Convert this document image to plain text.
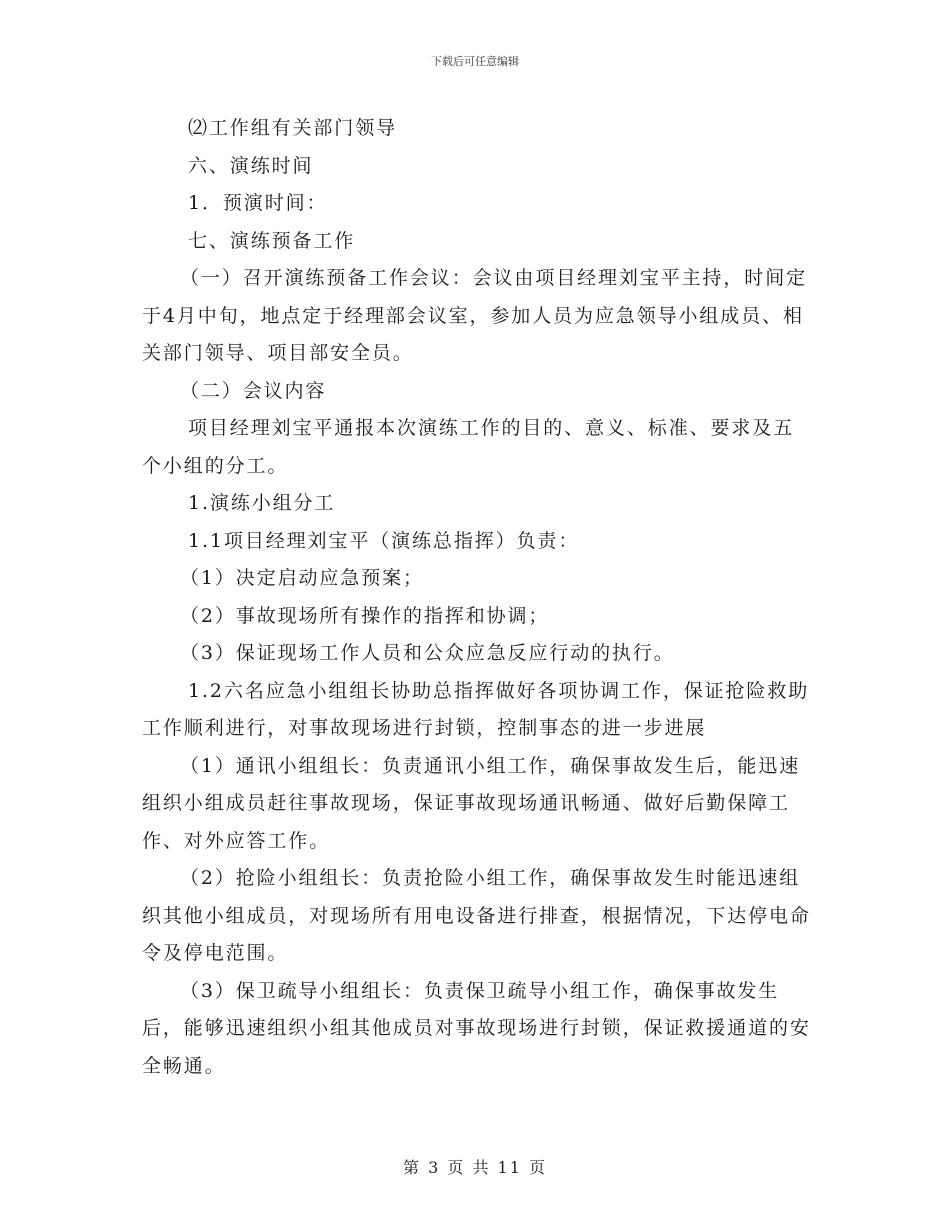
下载后可任意编辑

⑵工作组有关部门领导

六、演练时间

1．预演时间：

七、演练预备工作

（一）召开演练预备工作会议：会议由项目经理刘宝平主持，时间定于4月中旬，地点定于经理部会议室，参加人员为应急领导小组成员、相关部门领导、项目部安全员。

（二）会议内容

项目经理刘宝平通报本次演练工作的目的、意义、标准、要求及五个小组的分工。

1.演练小组分工

1.1项目经理刘宝平（演练总指挥）负责：

（1）决定启动应急预案；

（2）事故现场所有操作的指挥和协调；

（3）保证现场工作人员和公众应急反应行动的执行。

1.2六名应急小组组长协助总指挥做好各项协调工作，保证抢险救助工作顺利进行，对事故现场进行封锁，控制事态的进一步进展

（1）通讯小组组长：负责通讯小组工作，确保事故发生后，能迅速组织小组成员赶往事故现场，保证事故现场通讯畅通、做好后勤保障工作、对外应答工作。

（2）抢险小组组长：负责抢险小组工作，确保事故发生时能迅速组织其他小组成员，对现场所有用电设备进行排查，根据情况，下达停电命令及停电范围。

（3）保卫疏导小组组长：负责保卫疏导小组工作，确保事故发生后，能够迅速组织小组其他成员对事故现场进行封锁，保证救援通道的安全畅通。

第 3 页 共 11 页
